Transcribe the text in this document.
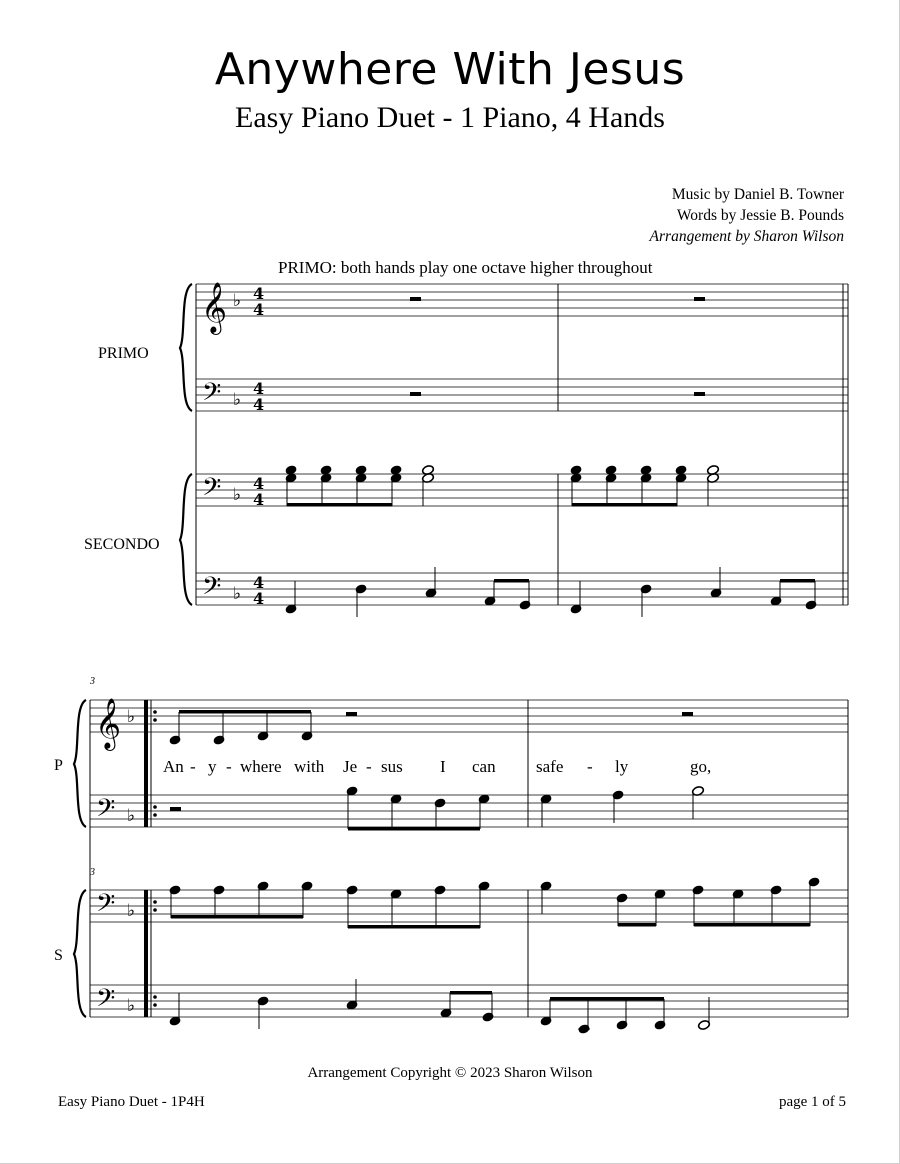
Anywhere With Jesus
Easy Piano Duet - 1 Piano, 4 Hands
Music by Daniel B. Towner
Words by Jessie B. Pounds
Arrangement by Sharon Wilson
PRIMO: both hands play one octave higher throughout
PRIMO
SECONDO
P
S
3
3
An - y - where with Je - sus I can safe - ly	go,
𝄞
𝄢
𝄢
𝄢
𝄞
𝄢
𝄢
𝄢
♭
♭
♭
♭
♭
♭
♭
♭
4
4
4
4
4
4
4
4
Arrangement Copyright © 2023 Sharon Wilson
Easy Piano Duet - 1P4H	page 1 of 5
